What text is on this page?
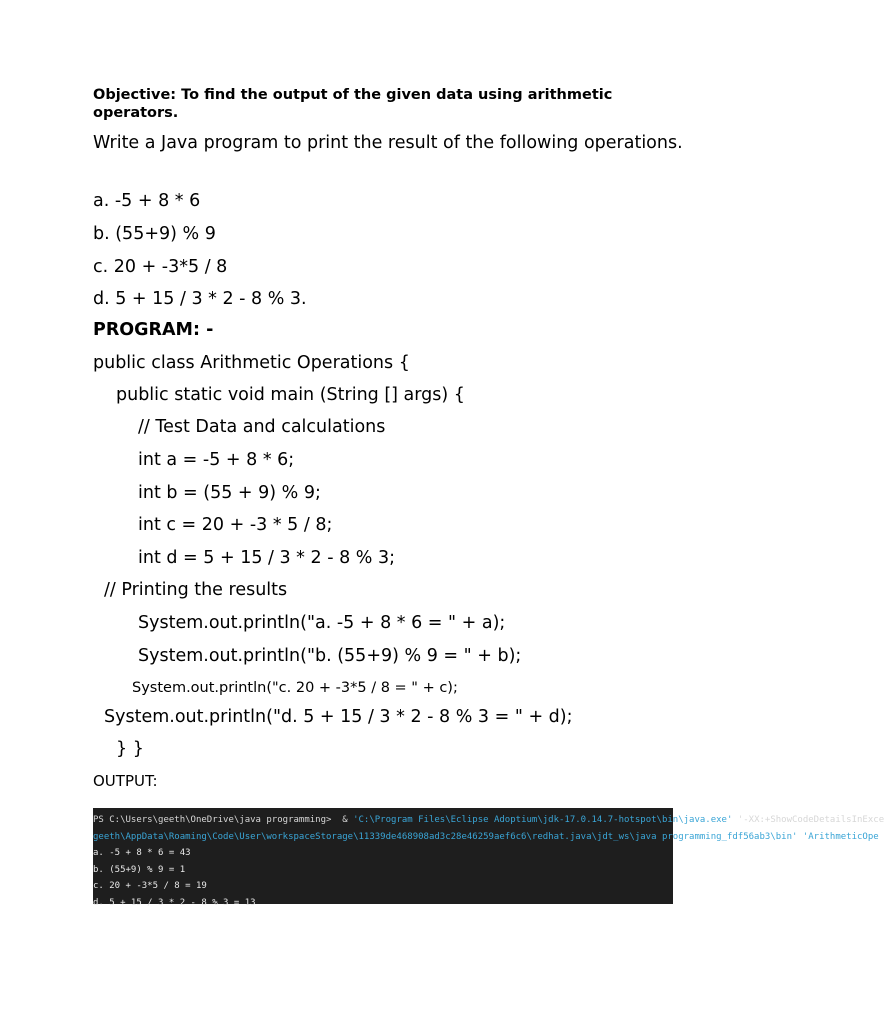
Objective: To find the output of the given data using arithmetic operators.

Write a Java program to print the result of the following operations.

a. -5 + 8 * 6
b. (55+9) % 9
c. 20 + -3*5 / 8
d. 5 + 15 / 3 * 2 - 8 % 3.
PROGRAM: -
public class Arithmetic Operations {
public static void main (String [] args) {
// Test Data and calculations
int a = -5 + 8 * 6;
int b = (55 + 9) % 9;
int c = 20 + -3 * 5 / 8;
int d = 5 + 15 / 3 * 2 - 8 % 3;
// Printing the results
System.out.println("a. -5 + 8 * 6 = " + a);
System.out.println("b. (55+9) % 9 = " + b);
System.out.println("c. 20 + -3*5 / 8 = " + c);
System.out.println("d. 5 + 15 / 3 * 2 - 8 % 3 = " + d);
} }
OUTPUT:
PS C:\Users\geeth\OneDrive\java programming>  & 'C:\Program Files\Eclipse Adoptium\jdk-17.0.14.7-hotspot\bin\java.exe' '-XX:+ShowCodeDetailsInExce
geeth\AppData\Roaming\Code\User\workspaceStorage\11339de468908ad3c28e46259aef6c6\redhat.java\jdt_ws\java programming_fdf56ab3\bin' 'ArithmeticOpe
a. -5 + 8 * 6 = 43
b. (55+9) % 9 = 1
c. 20 + -3*5 / 8 = 19
d. 5 + 15 / 3 * 2 - 8 % 3 = 13
